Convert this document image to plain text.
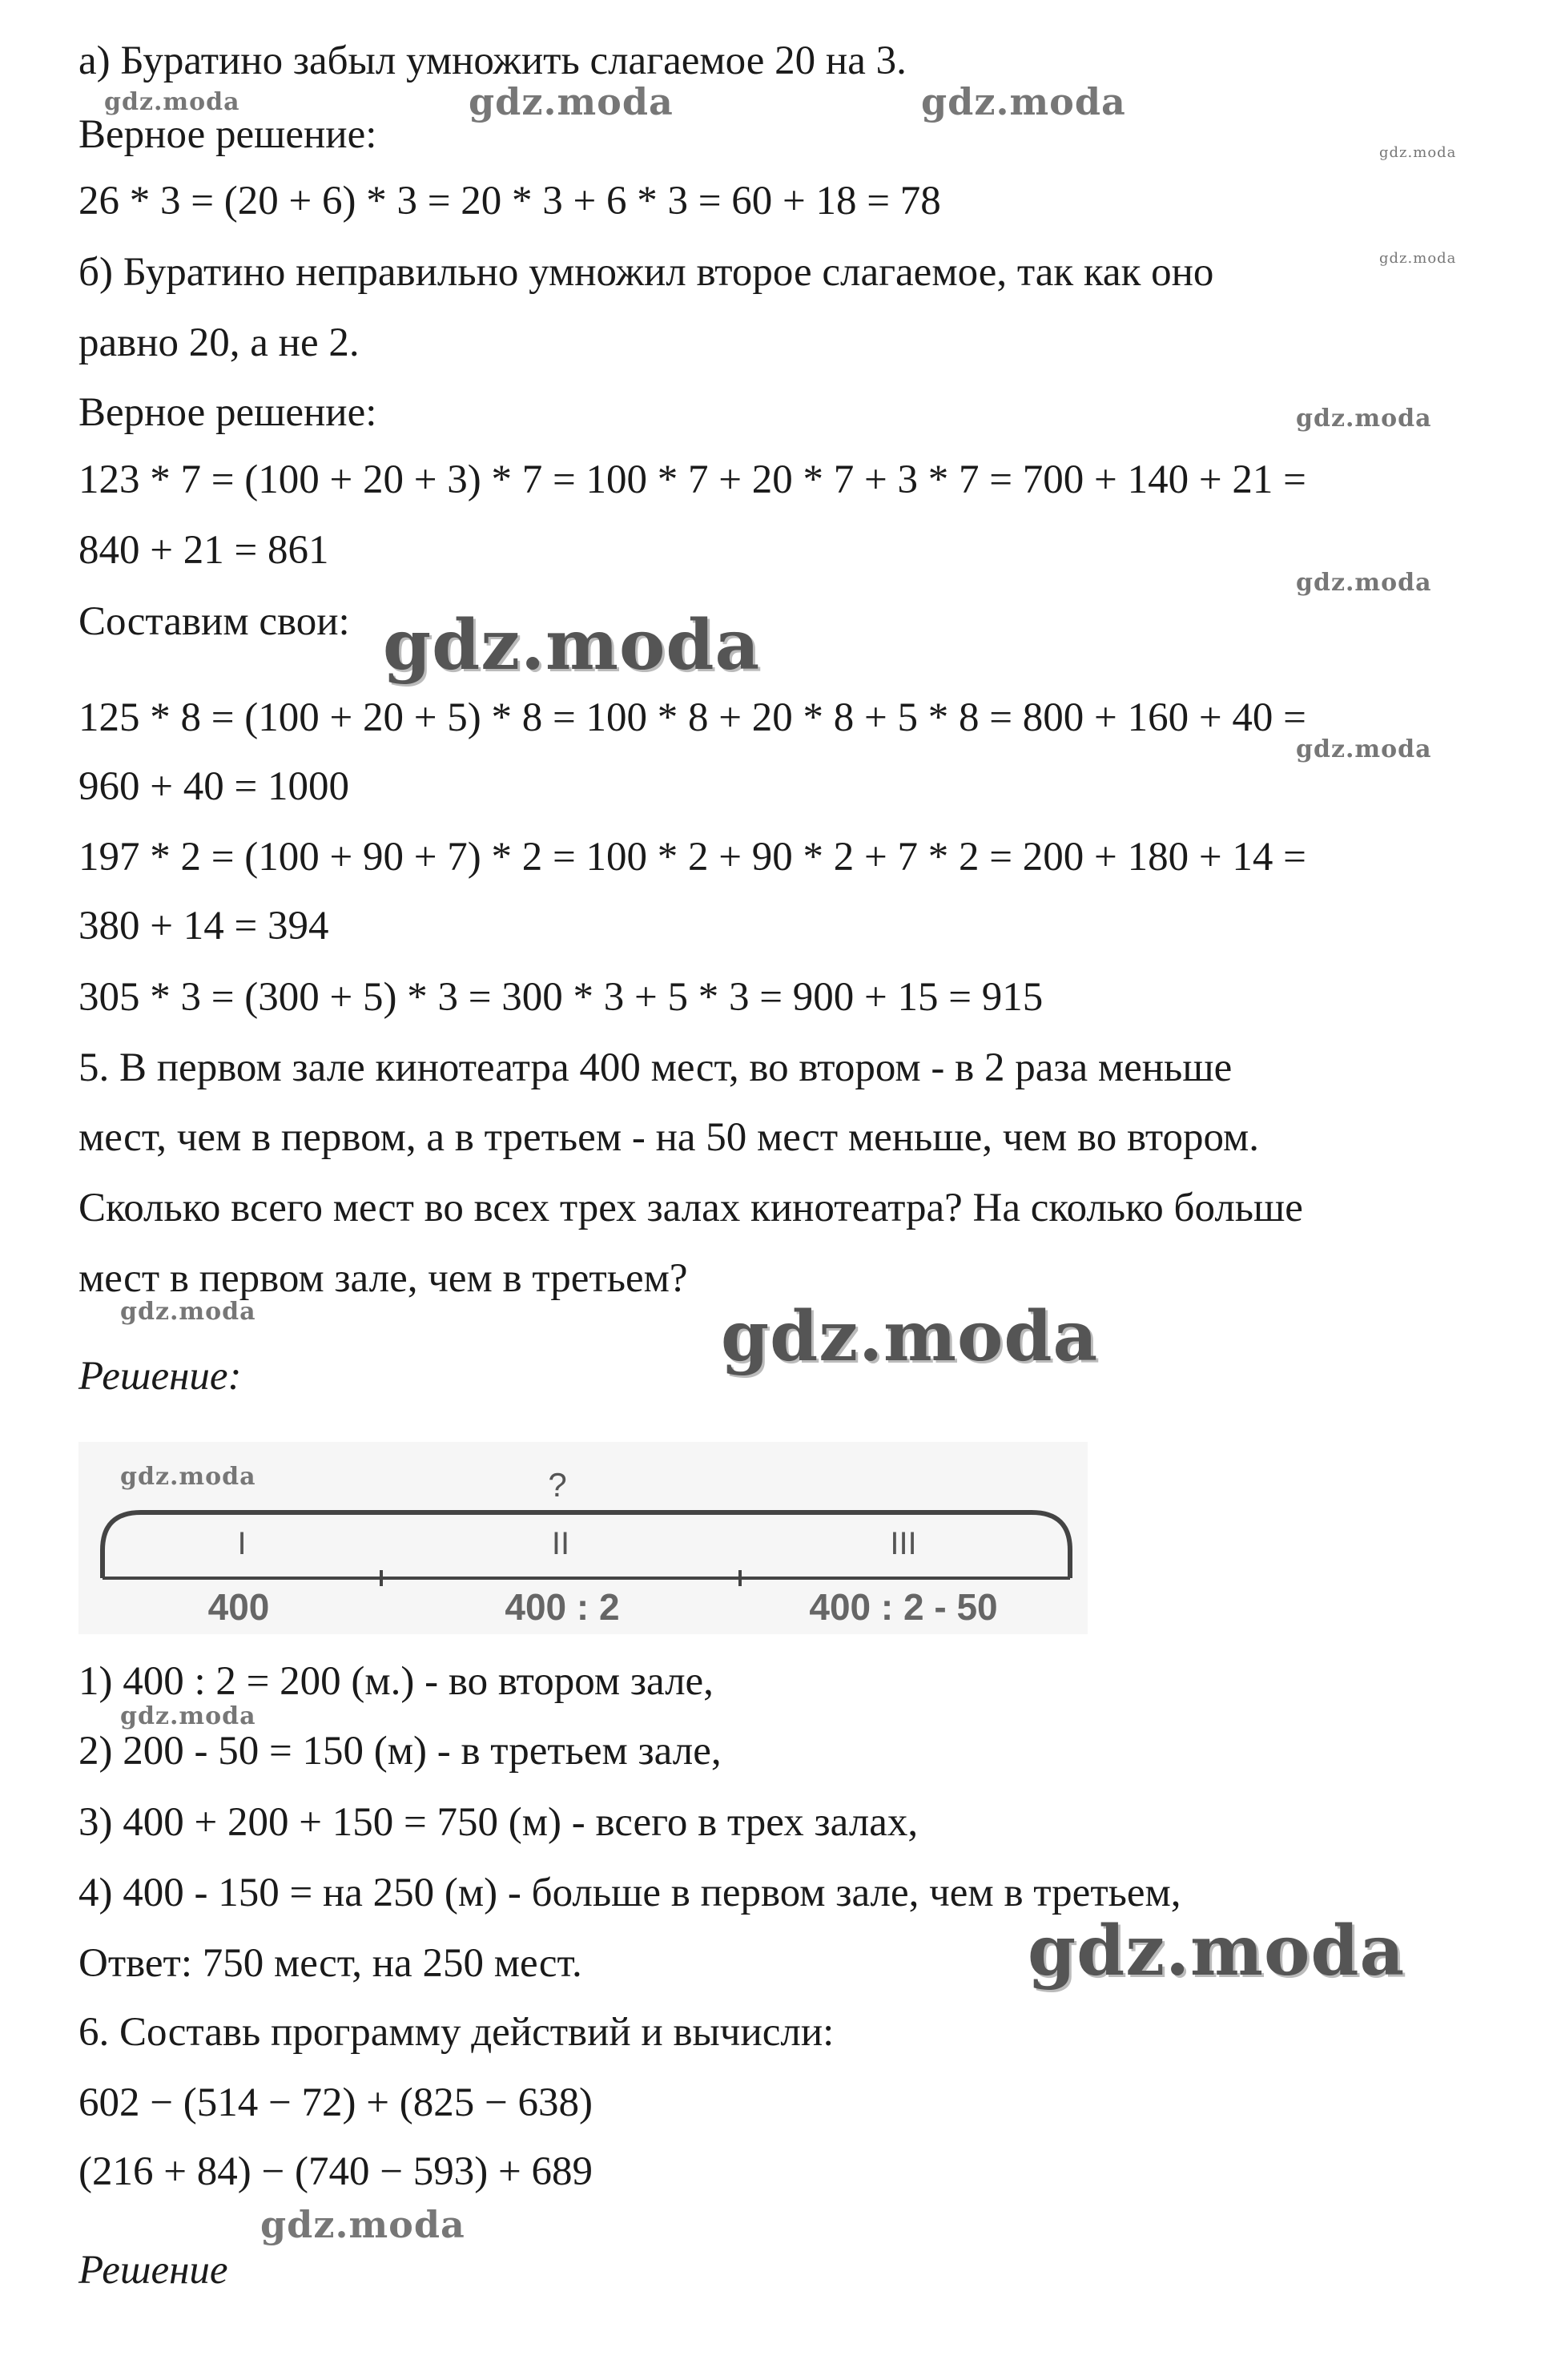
а) Буратино забыл умножить слагаемое 20 на 3.
Верное решение:
26 * 3 = (20 + 6) * 3 = 20 * 3 + 6 * 3 = 60 + 18 = 78
б) Буратино неправильно умножил второе слагаемое, так как оно
равно 20, а не 2.
Верное решение:
123 * 7 = (100 + 20 + 3) * 7 = 100 * 7 + 20 * 7 + 3 * 7 = 700 + 140 + 21 =
840 + 21 = 861
Составим свои:
125 * 8 = (100 + 20 + 5) * 8 = 100 * 8 + 20 * 8 + 5 * 8 = 800 + 160 + 40 =
960 + 40 = 1000
197 * 2 = (100 + 90 + 7) * 2 = 100 * 2 + 90 * 2 + 7 * 2 = 200 + 180 + 14 =
380 + 14 = 394
305 * 3 = (300 + 5) * 3 = 300 * 3 + 5 * 3 = 900 + 15 = 915
5. В первом зале кинотеатра 400 мест, во втором - в 2 раза меньше
мест, чем в первом, а в третьем - на 50 мест меньше, чем во втором.
Сколько всего мест во всех трех залах кинотеатра? На сколько больше
мест в первом зале, чем в третьем?
Решение:
?
I	II	III
400	400 : 2	400 : 2 - 50
1) 400 : 2 = 200 (м.) - во втором зале,
2) 200 - 50 = 150 (м) - в третьем зале,
3) 400 + 200 + 150 = 750 (м) - всего в трех залах,
4) 400 - 150 = на 250 (м) - больше в первом зале, чем в третьем,
Ответ: 750 мест, на 250 мест.
6. Составь программу действий и вычисли:
602 − (514 − 72) + (825 − 638)
(216 + 84) − (740 − 593) + 689
Решение
gdz.moda	gdz.moda	gdz.moda
gdz.moda
gdz.moda
gdz.moda
gdz.moda
gdz.moda
gdz.moda
gdz.moda	gdz.moda
gdz.moda
gdz.moda
gdz.moda
gdz.moda
